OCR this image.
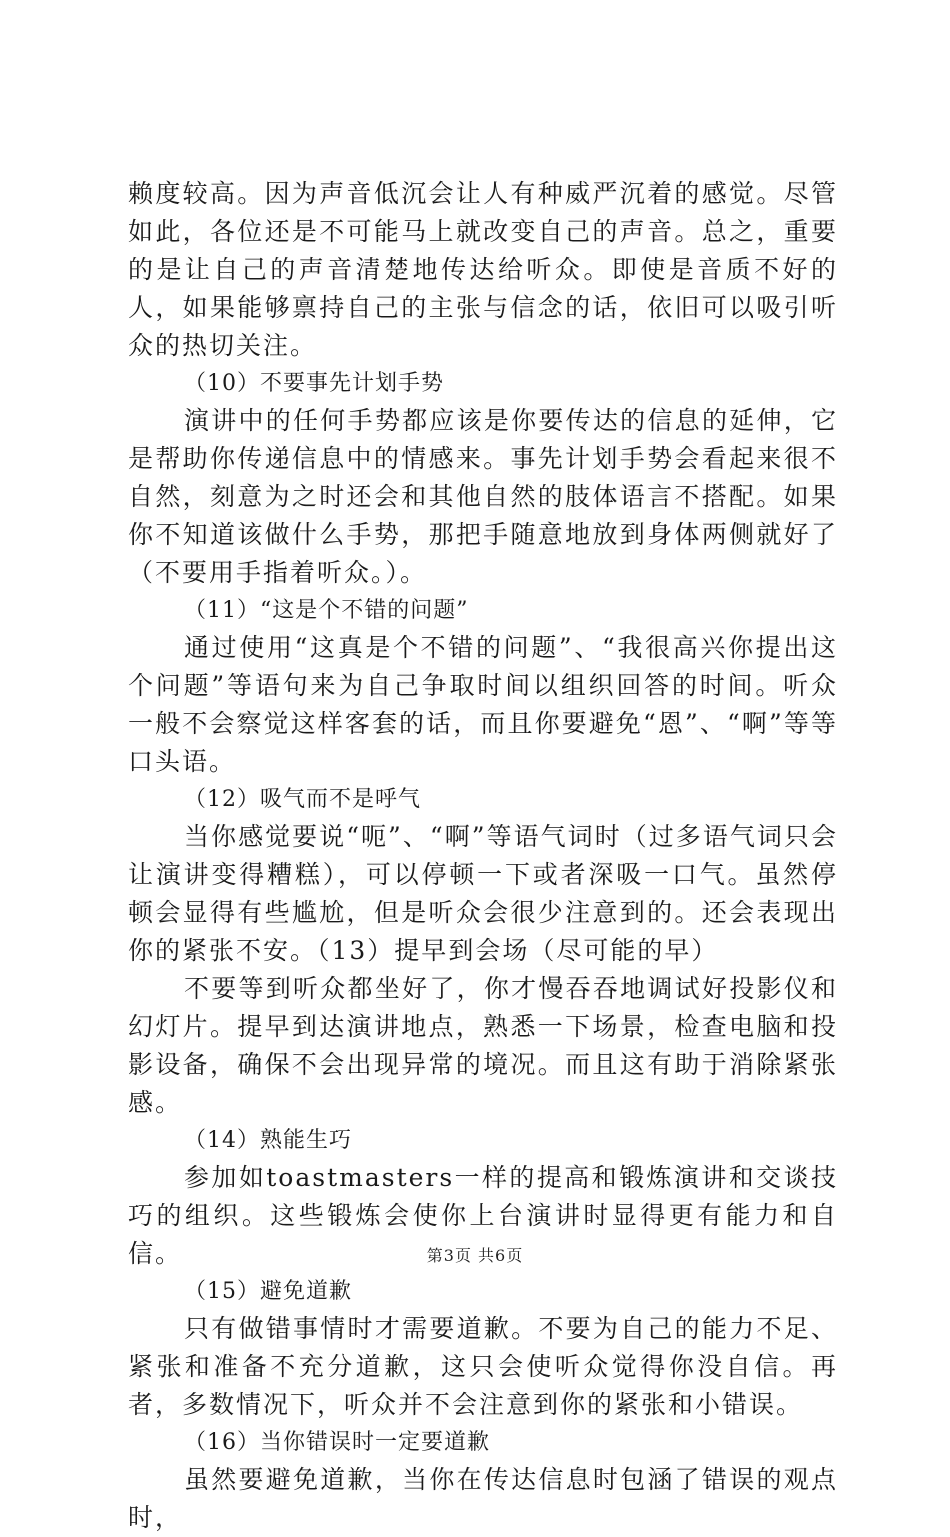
赖度较高。因为声音低沉会让人有种威严沉着的感觉。尽管如此，各位还是不可能马上就改变自己的声音。总之，重要的是让自己的声音清楚地传达给听众。即使是音质不好的人，如果能够禀持自己的主张与信念的话，依旧可以吸引听众的热切关注。

（10）不要事先计划手势

演讲中的任何手势都应该是你要传达的信息的延伸，它是帮助你传递信息中的情感来。事先计划手势会看起来很不自然，刻意为之时还会和其他自然的肢体语言不搭配。如果你不知道该做什么手势，那把手随意地放到身体两侧就好了（不要用手指着听众。）。

（11）“这是个不错的问题”

通过使用“这真是个不错的问题”、“我很高兴你提出这个问题”等语句来为自己争取时间以组织回答的时间。听众一般不会察觉这样客套的话，而且你要避免“恩”、“啊”等等口头语。

（12）吸气而不是呼气

当你感觉要说“呃”、“啊”等语气词时（过多语气词只会让演讲变得糟糕），可以停顿一下或者深吸一口气。虽然停顿会显得有些尴尬，但是听众会很少注意到的。还会表现出你的紧张不安。（13）提早到会场（尽可能的早）

不要等到听众都坐好了，你才慢吞吞地调试好投影仪和幻灯片。提早到达演讲地点，熟悉一下场景，检查电脑和投影设备，确保不会出现异常的境况。而且这有助于消除紧张感。

（14）熟能生巧

参加如toastmasters一样的提高和锻炼演讲和交谈技巧的组织。这些锻炼会使你上台演讲时显得更有能力和自信。

（15）避免道歉

只有做错事情时才需要道歉。不要为自己的能力不足、紧张和准备不充分道歉，这只会使听众觉得你没自信。再者，多数情况下，听众并不会注意到你的紧张和小错误。

（16）当你错误时一定要道歉

虽然要避免道歉，当你在传达信息时包涵了错误的观点时，

第3页 共6页
